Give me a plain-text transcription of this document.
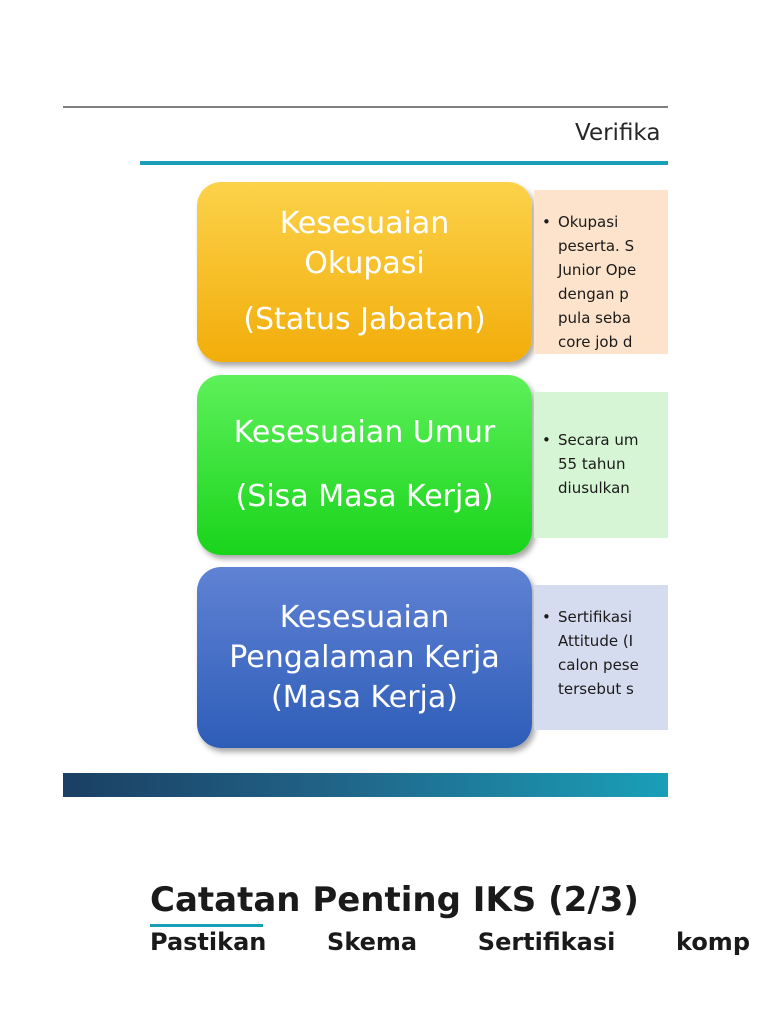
Verifika
Kesesuaian
Okupasi
(Status Jabatan)
• Okupasi
peserta. S
Junior Ope
dengan p
pula seba
core job d
Kesesuaian Umur
(Sisa Masa Kerja)
• Secara um
55 tahun
diusulkan
Kesesuaian
Pengalaman Kerja
(Masa Kerja)
• Sertifikasi
Attitude (I
calon pese
tersebut s
Catatan Penting IKS (2/3)
Pastikan	Skema	Sertifikasi	komp
